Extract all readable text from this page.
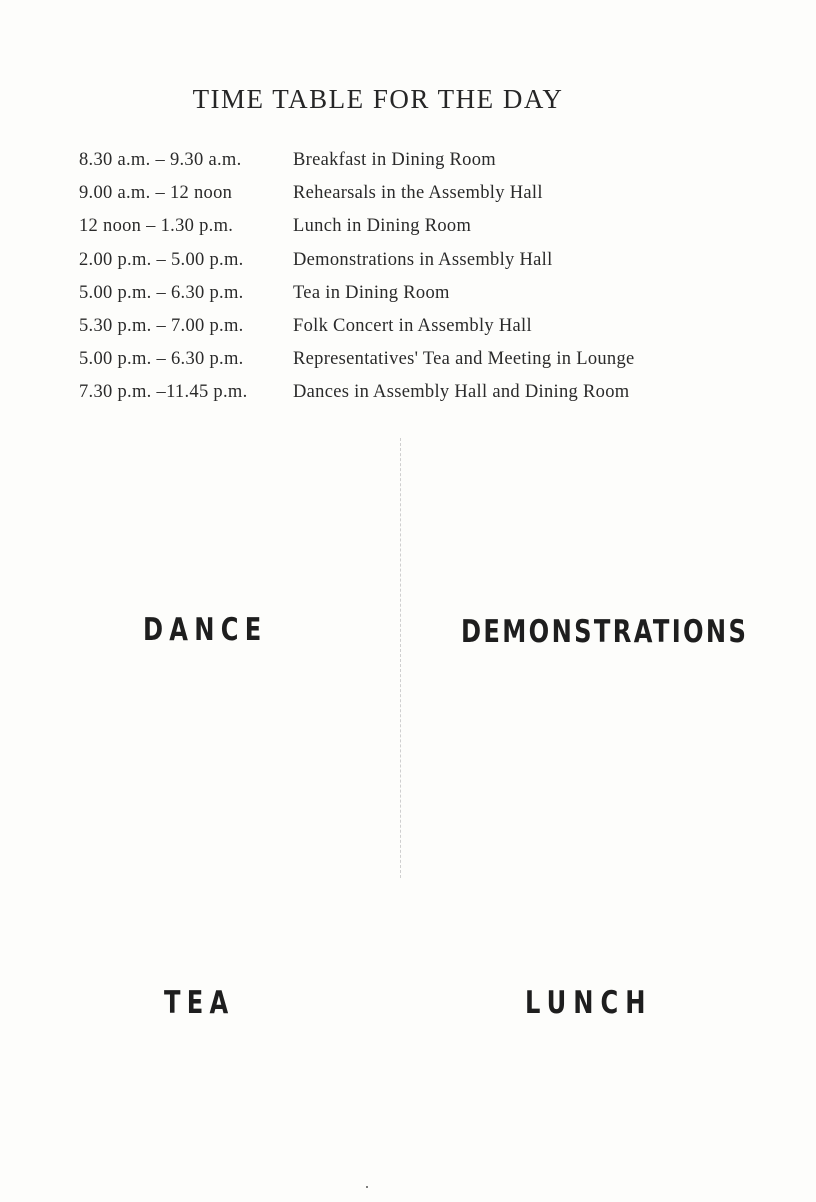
TIME TABLE FOR THE DAY
8.30 a.m. – 9.30 a.m.	Breakfast in Dining Room
9.00 a.m. – 12 noon	Rehearsals in the Assembly Hall
12 noon – 1.30 p.m.	Lunch in Dining Room
2.00 p.m. – 5.00 p.m.	Demonstrations in Assembly Hall
5.00 p.m. – 6.30 p.m.	Tea in Dining Room
5.30 p.m. – 7.00 p.m.	Folk Concert in Assembly Hall
5.00 p.m. – 6.30 p.m.	Representatives' Tea and Meeting in Lounge
7.30 p.m. –11.45 p.m.	Dances in Assembly Hall and Dining Room
DANCE	DEMONSTRATIONS
TEA	LUNCH
